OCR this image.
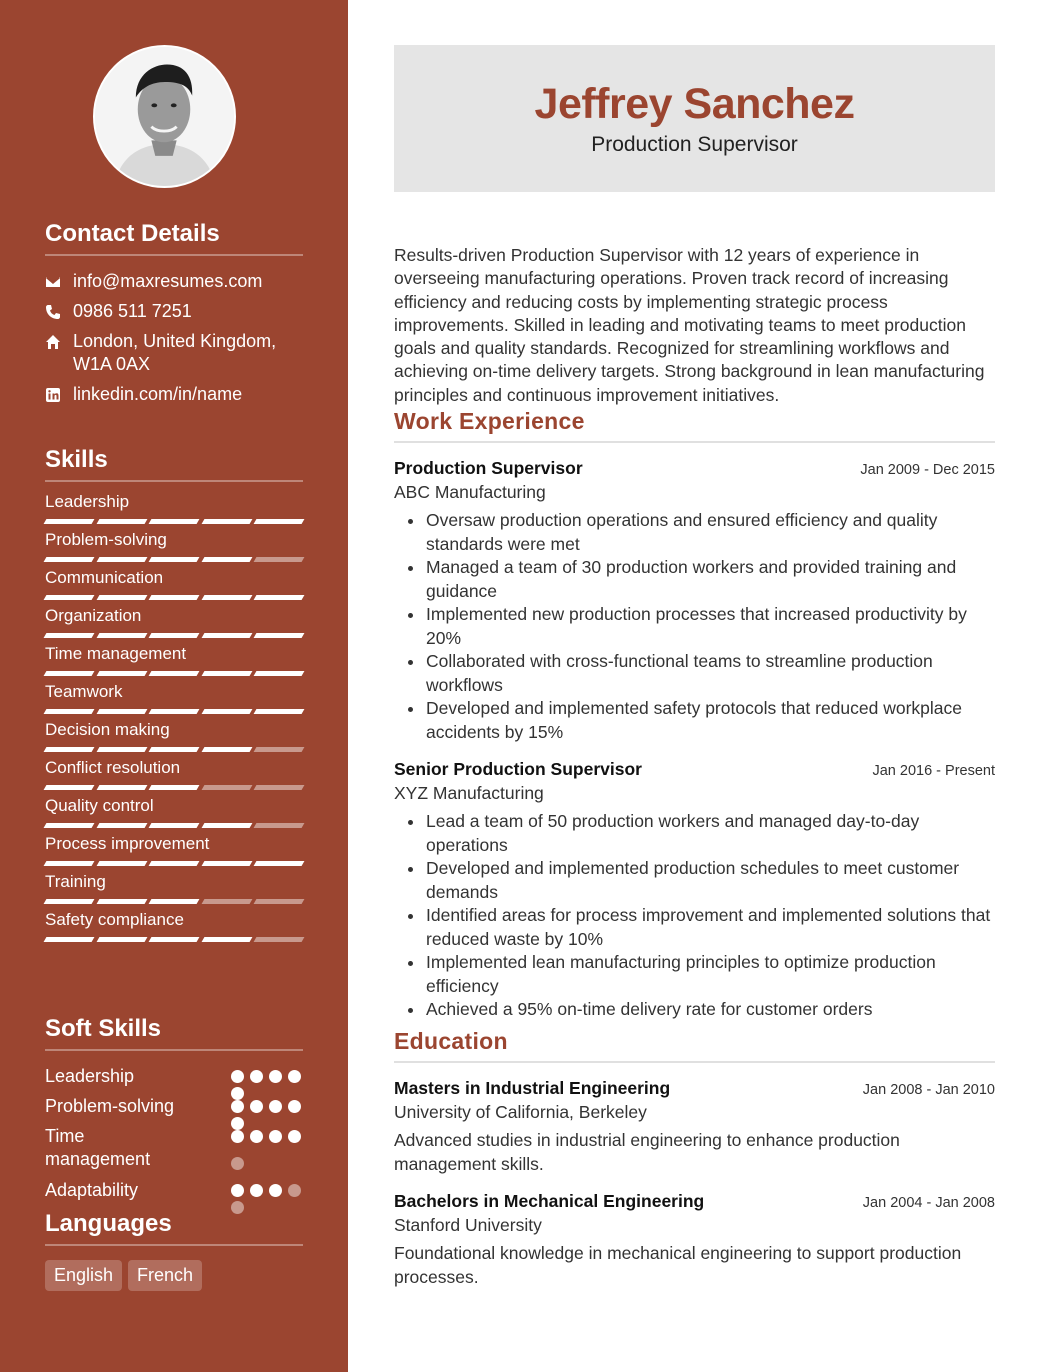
Contact Details
info@maxresumes.com
0986 511 7251
London, United Kingdom, W1A 0AX
linkedin.com/in/name
Skills
Leadership
Problem-solving
Communication
Organization
Time management
Teamwork
Decision making
Conflict resolution
Quality control
Process improvement
Training
Safety compliance
Soft Skills
Leadership
Problem-solving
Time management
Adaptability
Languages
English	French
Jeffrey Sanchez
Production Supervisor

Results-driven Production Supervisor with 12 years of experience in overseeing manufacturing operations. Proven track record of increasing efficiency and reducing costs by implementing strategic process improvements. Skilled in leading and motivating teams to meet production goals and quality standards. Recognized for streamlining workflows and achieving on-time delivery targets. Strong background in lean manufacturing principles and continuous improvement initiatives.

Work Experience
Production Supervisor	Jan 2009 - Dec 2015
ABC Manufacturing
Oversaw production operations and ensured efficiency and quality standards were met
Managed a team of 30 production workers and provided training and guidance
Implemented new production processes that increased productivity by 20%
Collaborated with cross-functional teams to streamline production workflows
Developed and implemented safety protocols that reduced workplace accidents by 15%
Senior Production Supervisor	Jan 2016 - Present
XYZ Manufacturing
Lead a team of 50 production workers and managed day-to-day operations
Developed and implemented production schedules to meet customer demands
Identified areas for process improvement and implemented solutions that reduced waste by 10%
Implemented lean manufacturing principles to optimize production efficiency
Achieved a 95% on-time delivery rate for customer orders
Education
Masters in Industrial Engineering	Jan 2008 - Jan 2010
University of California, Berkeley

Advanced studies in industrial engineering to enhance production management skills.

Bachelors in Mechanical Engineering	Jan 2004 - Jan 2008
Stanford University

Foundational knowledge in mechanical engineering to support production processes.
